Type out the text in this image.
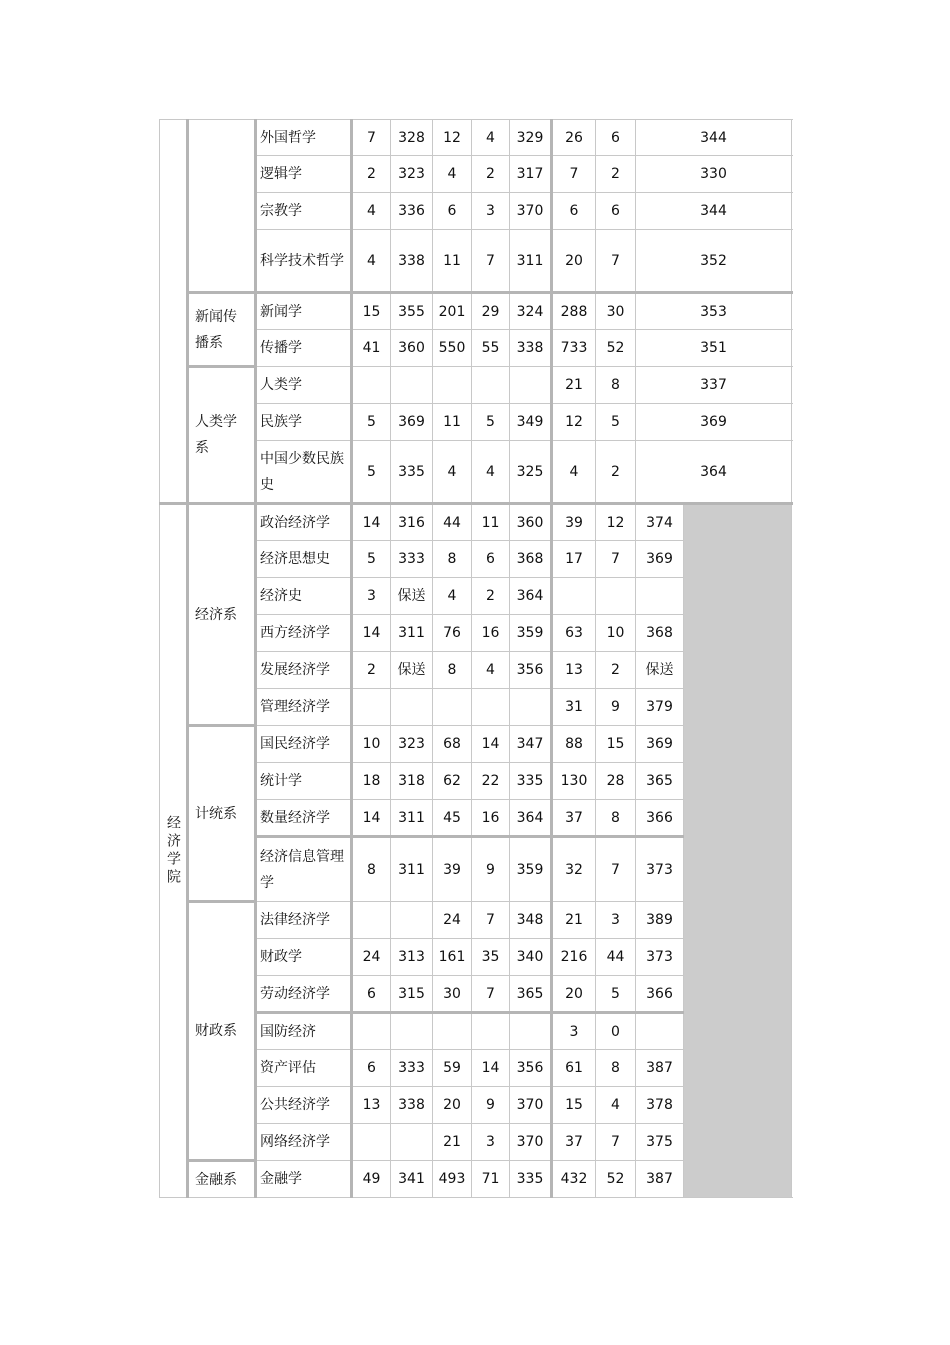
		外国哲学	7	328	12	4	329	26	6	344	
		逻辑学	2	323	4	2	317	7	2	330	
		宗教学	4	336	6	3	370	6	6	344	
		科学技术哲学	4	338	11	7	311	20	7	352	
	新闻传播系	新闻学	15	355	201	29	324	288	30	353	
		传播学	41	360	550	55	338	733	52	351	
	人类学系	人类学						21	8	337	
		民族学	5	369	11	5	349	12	5	369	
		中国少数民族史	5	335	4	4	325	4	2	364	
经济学院	经济系	政治经济学	14	316	44	11	360	39	12	374	
		经济思想史	5	333	8	6	368	17	7	369	
		经济史	3	保送	4	2	364				
		西方经济学	14	311	76	16	359	63	10	368	
		发展经济学	2	保送	8	4	356	13	2	保送	
		管理经济学						31	9	379	
	计统系	国民经济学	10	323	68	14	347	88	15	369	
		统计学	18	318	62	22	335	130	28	365	
		数量经济学	14	311	45	16	364	37	8	366	
		经济信息管理学	8	311	39	9	359	32	7	373	
	财政系	法律经济学			24	7	348	21	3	389	
		财政学	24	313	161	35	340	216	44	373	
		劳动经济学	6	315	30	7	365	20	5	366	
		国防经济						3	0		
		资产评估	6	333	59	14	356	61	8	387	
		公共经济学	13	338	20	9	370	15	4	378	
		网络经济学			21	3	370	37	7	375	
	金融系	金融学	49	341	493	71	335	432	52	387	
